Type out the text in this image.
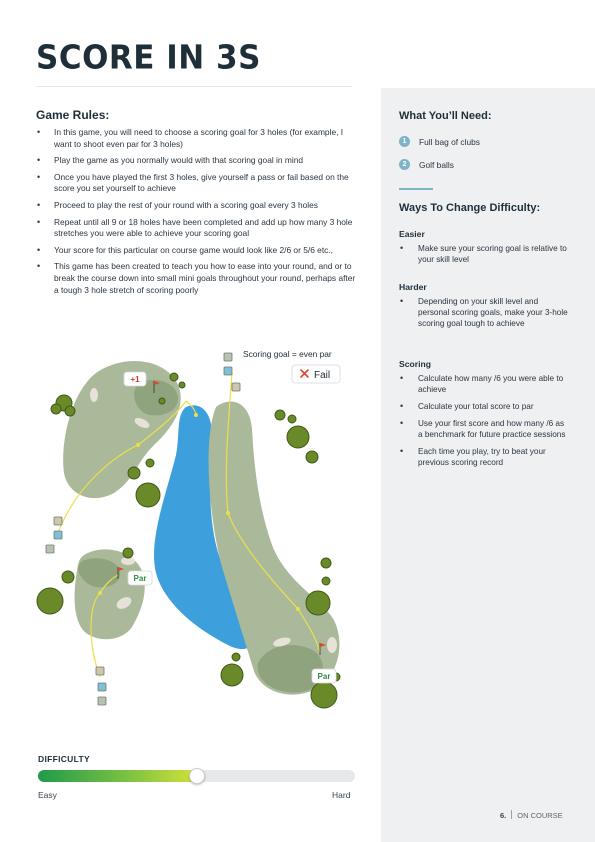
SCORE IN 3S
Game Rules:
• In this game, you will need to choose a scoring goal for 3 holes (for example, I want to shoot even par for 3 holes)
• Play the game as you normally would with that scoring goal in mind
• Once you have played the first 3 holes, give yourself a pass or fail based on the score you set yourself to achieve
• Proceed to play the rest of your round with a scoring goal every 3 holes
• Repeat until all 9 or 18 holes have been completed and add up how many 3 hole stretches you were able to achieve your scoring goal
• Your score for this particular on course game would look like 2/6 or 5/6 etc.,
• This game has been created to teach you how to ease into your round, and or to break the course down into small mini goals throughout your round, perhaps after a tough 3 hole stretch of scoring poorly
+1
Par
Par
Scoring goal = even par
Fail
DIFFICULTY
Easy	Hard
What You’ll Need:
1	Full bag of clubs
2	Golf balls
Ways To Change Difficulty:
Easier
• Make sure your scoring goal is relative to your skill level
Harder
• Depending on your skill level and personal scoring goals, make your 3-hole scoring goal tough to achieve
Scoring
• Calculate how many /6 you were able to achieve
• Calculate your total score to par
• Use your first score and how many /6 as a benchmark for future practice sessions
• Each time you play, try to beat your previous scoring record
6. ON COURSE
